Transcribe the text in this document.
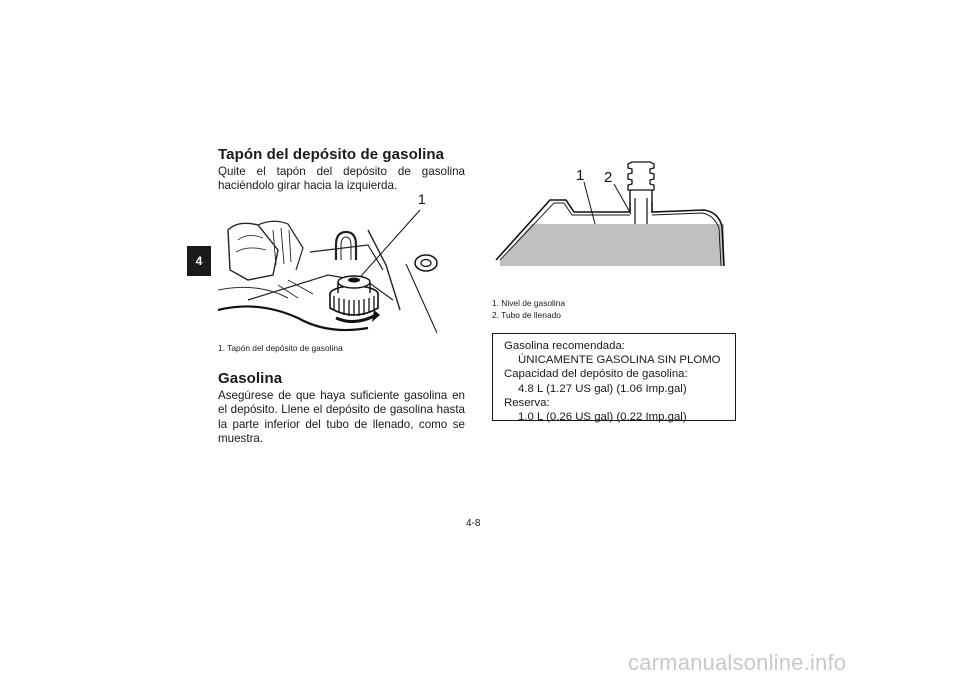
4
Tapón del depósito de gasolina
Quite el tapón del depósito de gasolina haciéndolo girar hacia la izquierda.
1
1. Tapón del depósito de gasolina
Gasolina
Asegúrese de que haya suficiente gasolina en el depósito. Llene el depósito de gasolina hasta la parte inferior del tubo de llenado, como se muestra.
1 2
1. Nivel de gasolina
2. Tubo de llenado
Gasolina recomendada:
ÚNICAMENTE GASOLINA SIN PLOMO
Capacidad del depósito de gasolina:
4.8 L (1.27 US gal) (1.06 Imp.gal)
Reserva:
1.0 L (0.26 US gal) (0.22 Imp.gal)
4-8
carmanualsonline.info
